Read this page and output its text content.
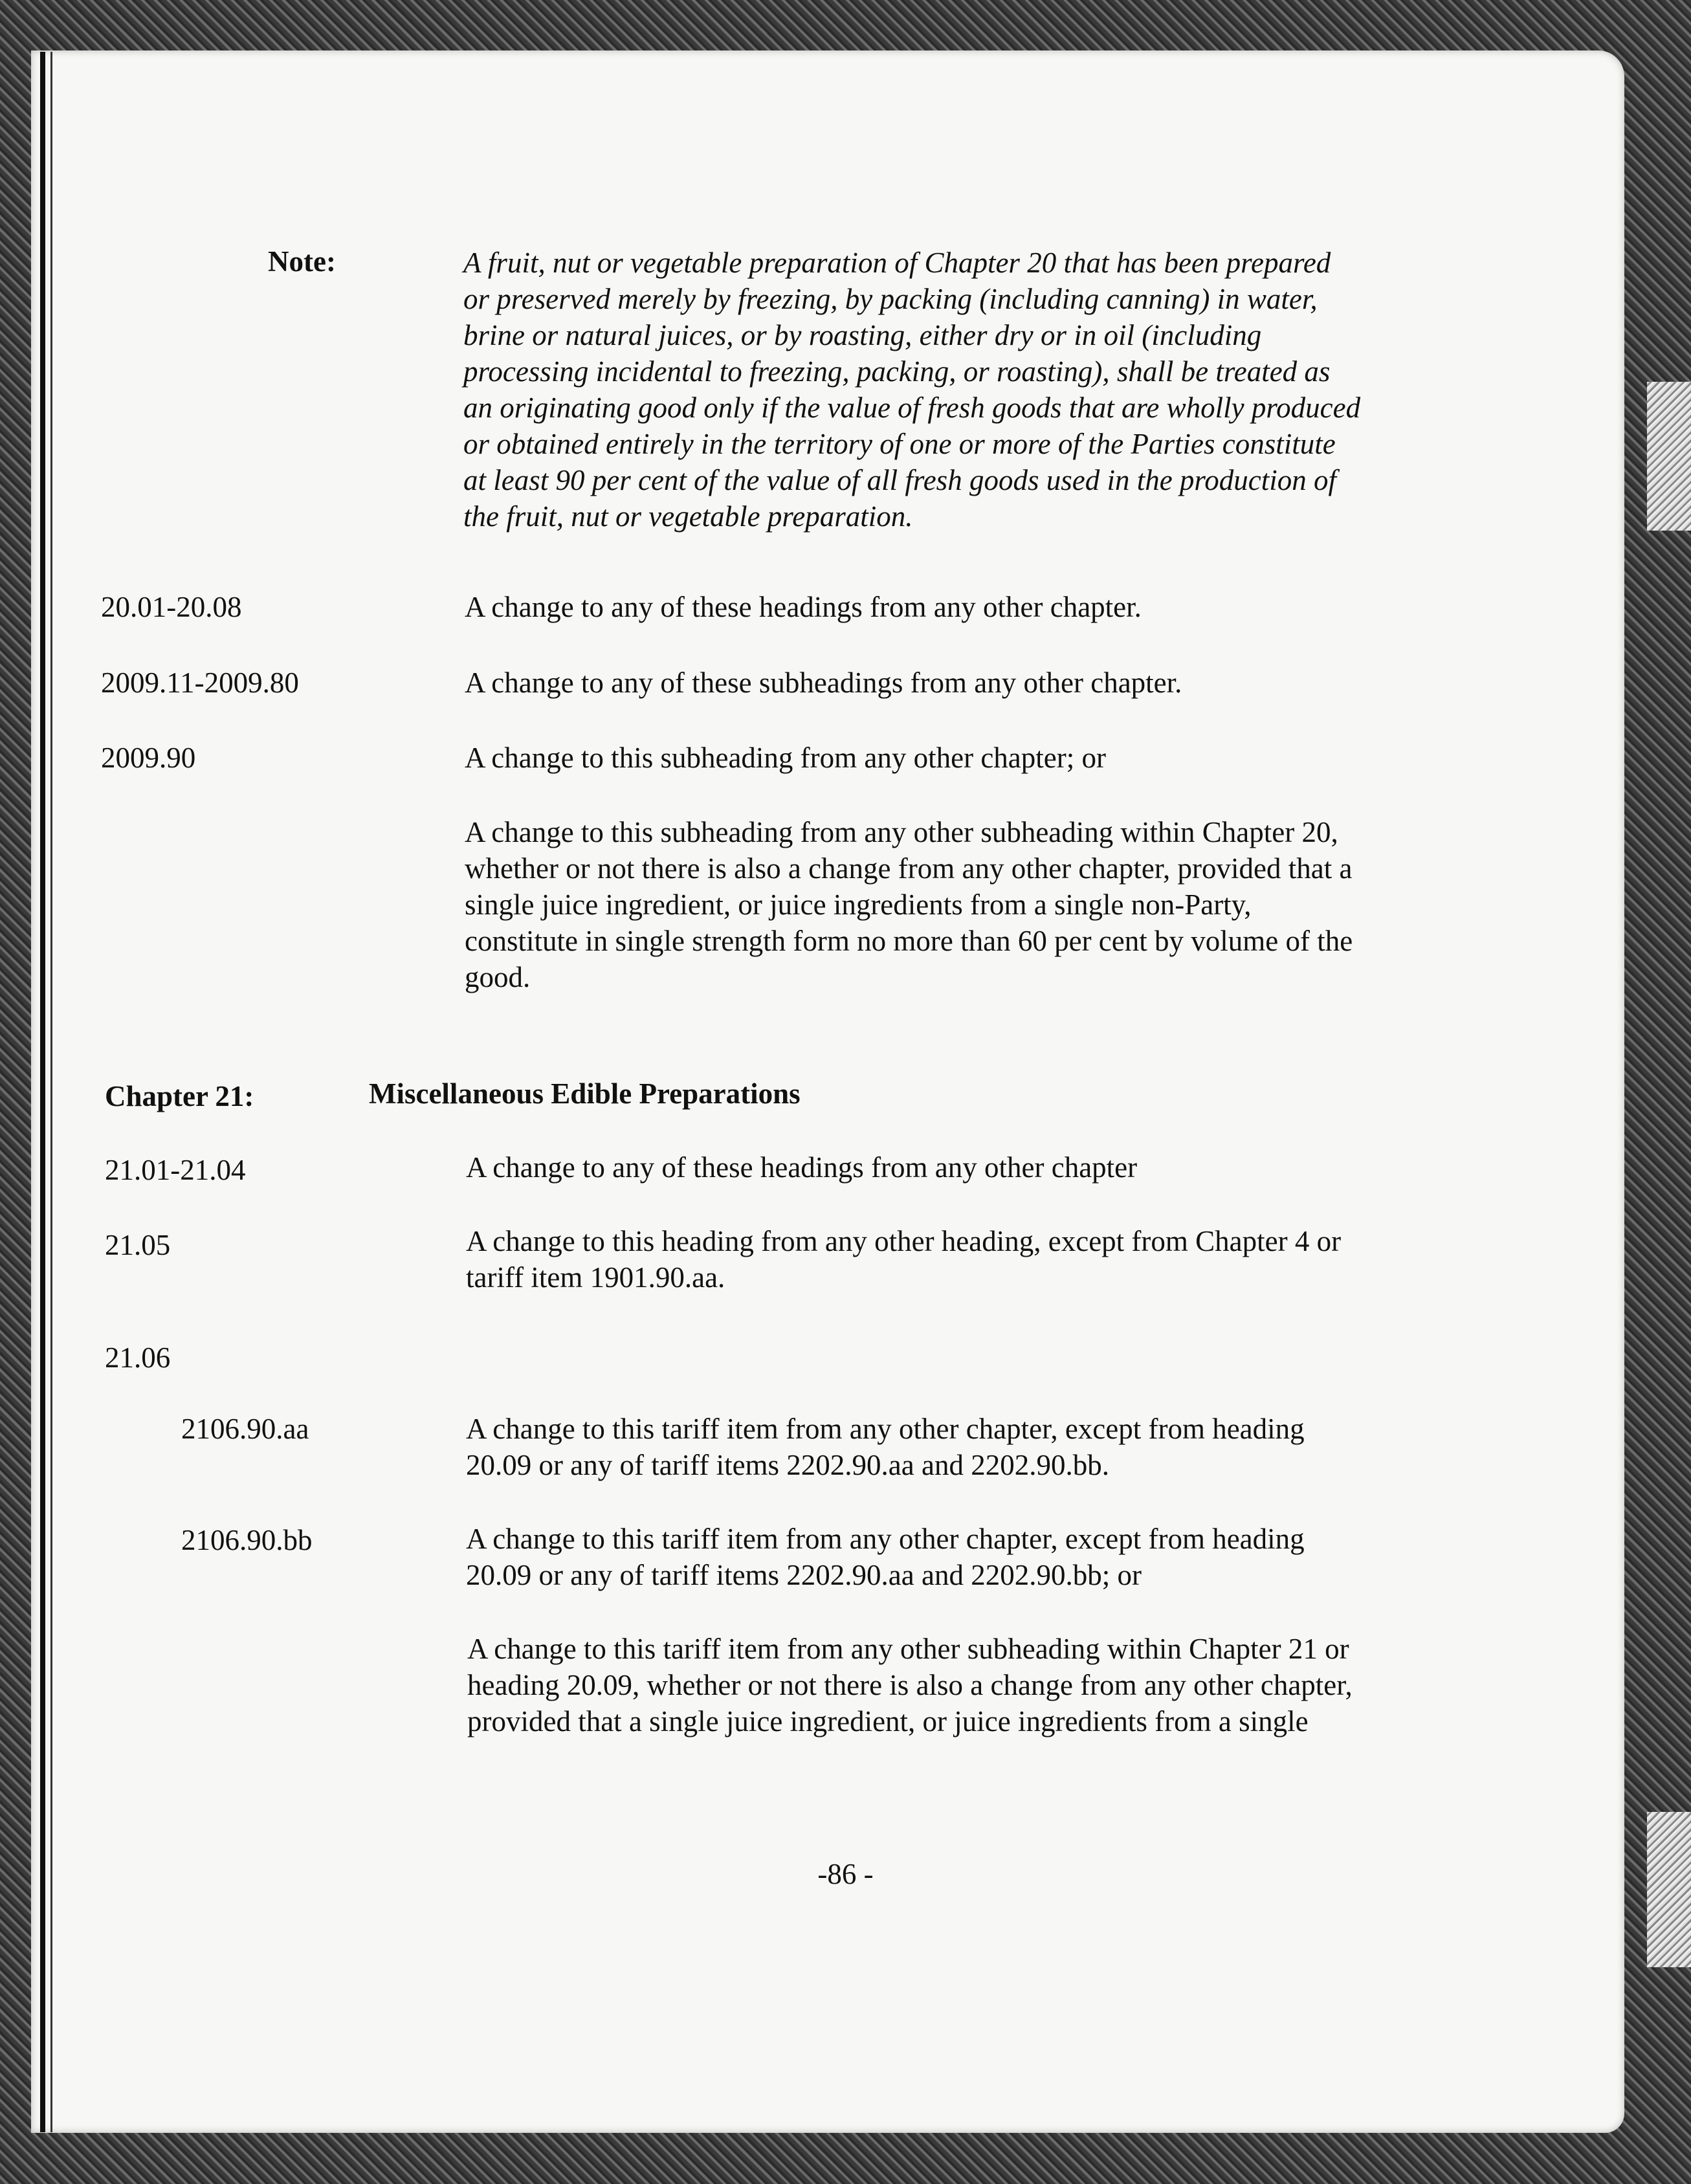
Note:	A fruit, nut or vegetable preparation of Chapter 20 that has been prepared
or preserved merely by freezing, by packing (including canning) in water,
brine or natural juices, or by roasting, either dry or in oil (including
processing incidental to freezing, packing, or roasting), shall be treated as
an originating good only if the value of fresh goods that are wholly produced
or obtained entirely in the territory of one or more of the Parties constitute
at least 90 per cent of the value of all fresh goods used in the production of
the fruit, nut or vegetable preparation.
20.01-20.08	A change to any of these headings from any other chapter.
2009.11-2009.80	A change to any of these subheadings from any other chapter.
2009.90	A change to this subheading from any other chapter; or
A change to this subheading from any other subheading within Chapter 20,
whether or not there is also a change from any other chapter, provided that a
single juice ingredient, or juice ingredients from a single non-Party,
constitute in single strength form no more than 60 per cent by volume of the
good.
Chapter 21:	Miscellaneous Edible Preparations
21.01-21.04	A change to any of these headings from any other chapter
21.05	A change to this heading from any other heading, except from Chapter 4 or
tariff item 1901.90.aa.
21.06
2106.90.aa	A change to this tariff item from any other chapter, except from heading
20.09 or any of tariff items 2202.90.aa and 2202.90.bb.
2106.90.bb	A change to this tariff item from any other chapter, except from heading
20.09 or any of tariff items 2202.90.aa and 2202.90.bb; or
A change to this tariff item from any other subheading within Chapter 21 or
heading 20.09, whether or not there is also a change from any other chapter,
provided that a single juice ingredient, or juice ingredients from a single
-86 -
